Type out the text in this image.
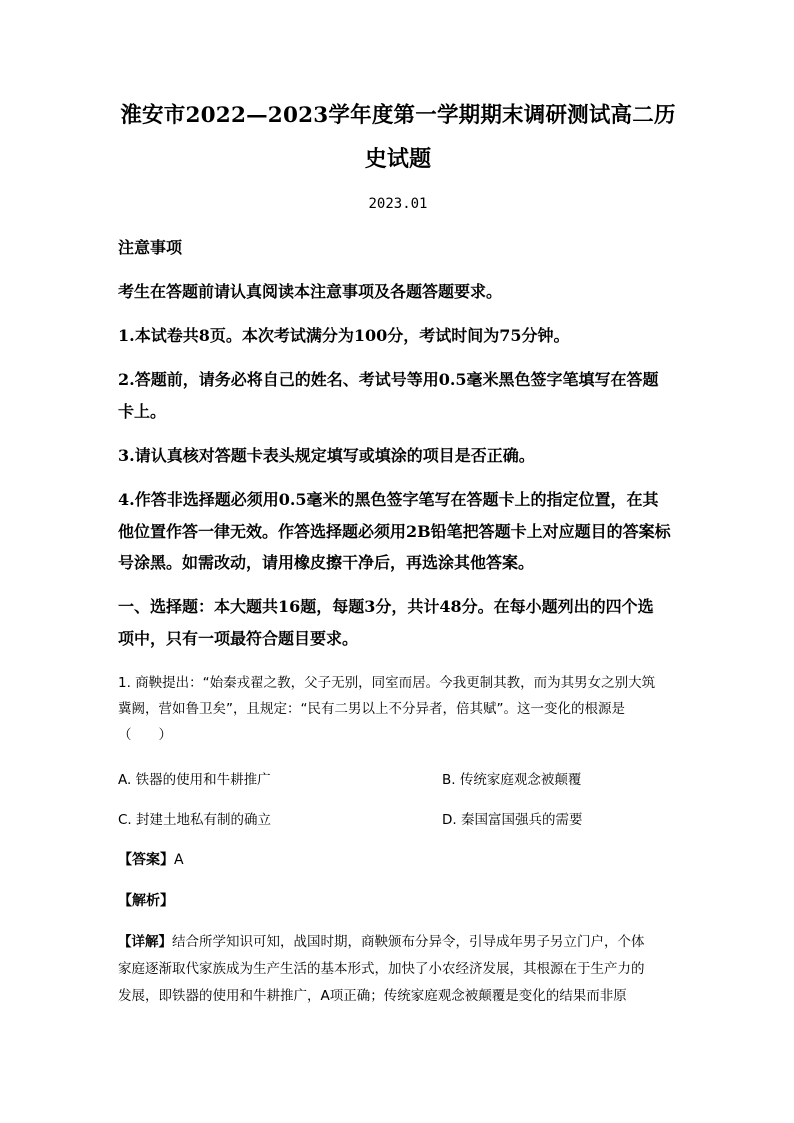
淮安市2022—2023学年度第一学期期末调研测试高二历
史试题
2023.01
注意事项
考生在答题前请认真阅读本注意事项及各题答题要求。
1.本试卷共8页。本次考试满分为100分，考试时间为75分钟。
2.答题前，请务必将自己的姓名、考试号等用0.5毫米黑色签字笔填写在答题
卡上。
3.请认真核对答题卡表头规定填写或填涂的项目是否正确。
4.作答非选择题必须用0.5毫米的黑色签字笔写在答题卡上的指定位置，在其
他位置作答一律无效。作答选择题必须用2B铅笔把答题卡上对应题目的答案标
号涂黑。如需改动，请用橡皮擦干净后，再选涂其他答案。
一、选择题：本大题共16题，每题3分，共计48分。在每小题列出的四个选
项中，只有一项最符合题目要求。
1. 商鞅提出：“始秦戎翟之教，父子无别，同室而居。今我更制其教，而为其男女之别大筑
冀阙，营如鲁卫矣”，且规定：“民有二男以上不分异者，倍其赋”。这一变化的根源是
（　　）
A. 铁器的使用和牛耕推广	B. 传统家庭观念被颠覆
C. 封建土地私有制的确立	D. 秦国富国强兵的需要
【答案】A
【解析】
【详解】结合所学知识可知，战国时期，商鞅颁布分异令，引导成年男子另立门户，个体
家庭逐渐取代家族成为生产生活的基本形式，加快了小农经济发展，其根源在于生产力的
发展，即铁器的使用和牛耕推广，A项正确；传统家庭观念被颠覆是变化的结果而非原
